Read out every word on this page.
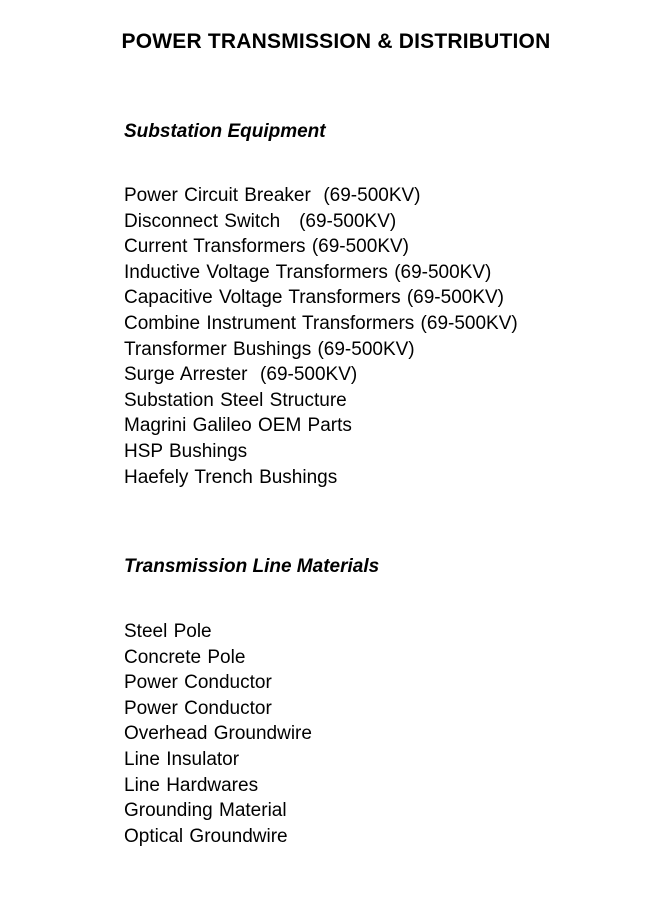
POWER TRANSMISSION & DISTRIBUTION
Substation Equipment
Power Circuit Breaker  (69-500KV)
Disconnect Switch   (69-500KV)
Current Transformers (69-500KV)
Inductive Voltage Transformers (69-500KV)
Capacitive Voltage Transformers (69-500KV)
Combine Instrument Transformers (69-500KV)
Transformer Bushings (69-500KV)
Surge Arrester  (69-500KV)
Substation Steel Structure
Magrini Galileo OEM Parts
HSP Bushings
Haefely Trench Bushings
Transmission Line Materials
Steel Pole
Concrete Pole
Power Conductor
Power Conductor
Overhead Groundwire
Line Insulator
Line Hardwares
Grounding Material
Optical Groundwire
